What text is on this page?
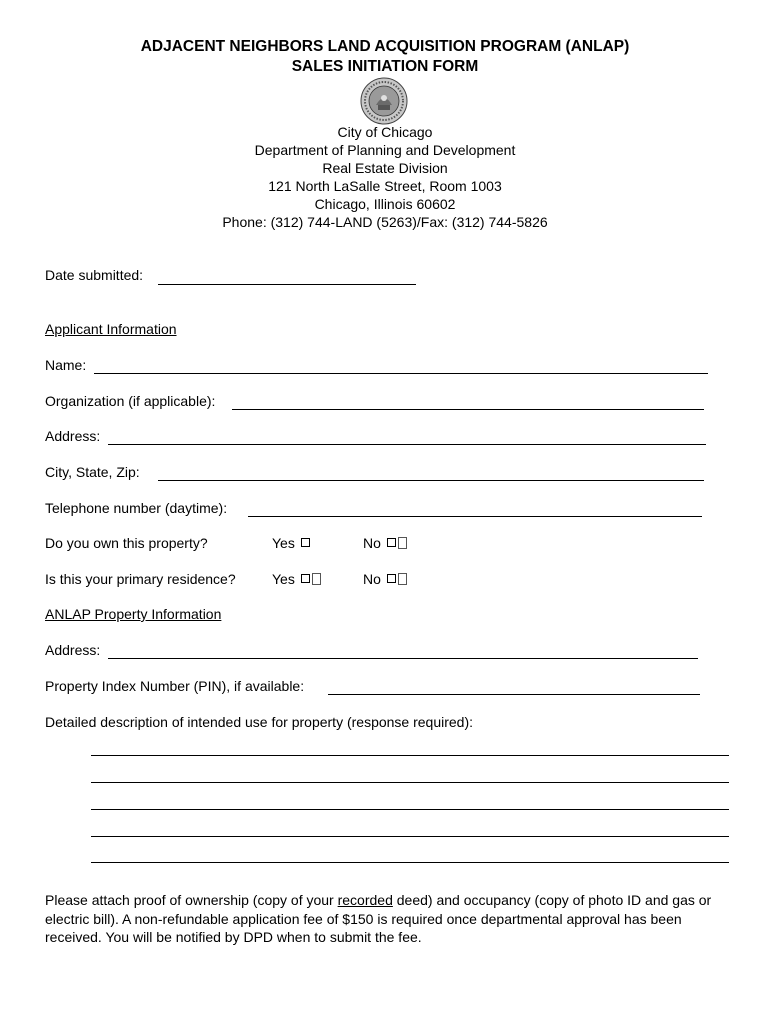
ADJACENT NEIGHBORS LAND ACQUISITION PROGRAM (ANLAP)
SALES INITIATION FORM
City of Chicago
Department of Planning and Development
Real Estate Division
121 North LaSalle Street, Room 1003
Chicago, Illinois 60602
Phone: (312) 744-LAND (5263)/Fax: (312) 744-5826
Date submitted:
Applicant Information
Name:
Organization (if applicable):
Address:
City, State, Zip:
Telephone number (daytime):
Do you own this property?	Yes	No
Is this your primary residence?	Yes	No
ANLAP Property Information
Address:
Property Index Number (PIN), if available:
Detailed description of intended use for property (response required):
Please attach proof of ownership (copy of your recorded deed) and occupancy (copy of photo ID and gas or electric bill). A non-refundable application fee of $150 is required once departmental approval has been received. You will be notified by DPD when to submit the fee.
